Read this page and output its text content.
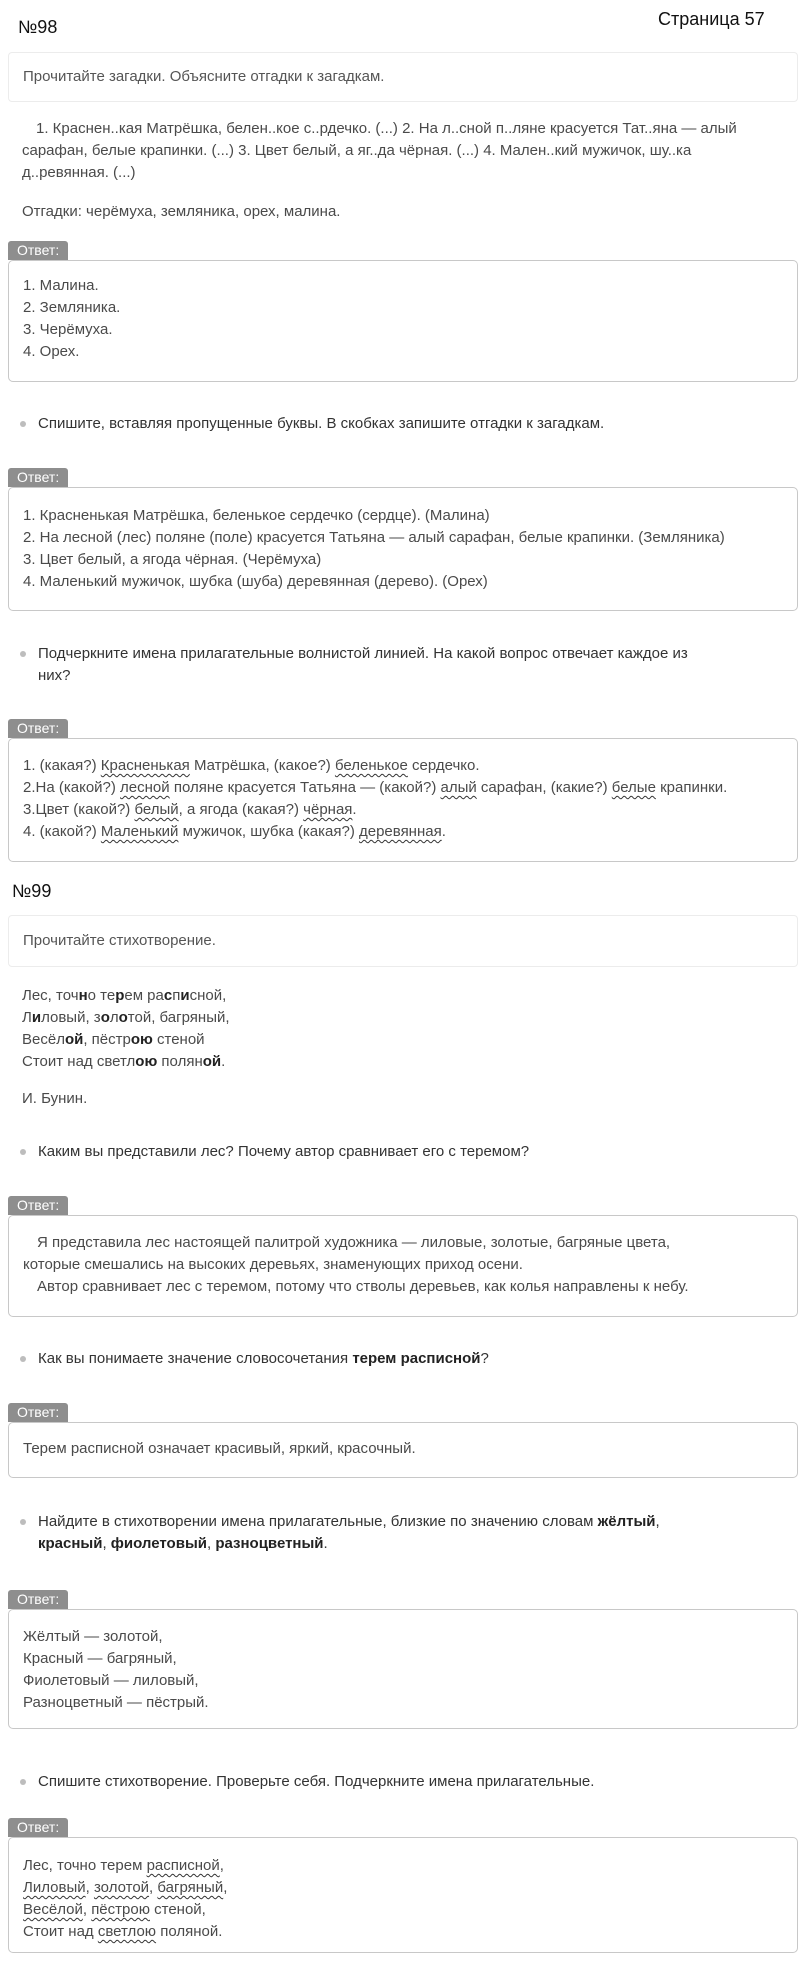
№98	Страница 57
Прочитайте загадки. Объясните отгадки к загадкам.
1. Краснен..кая Матрёшка, белен..кое с..рдечко. (...) 2. На л..сной п..ляне красуется Тат..яна — алый
сарафан, белые крапинки. (...) 3. Цвет белый, а яг..да чёрная. (...) 4. Мален..кий мужичок, шу..ка
д..ревянная. (...)
Отгадки: черёмуха, земляника, орех, малина.
Ответ:
1. Малина.
2. Земляника.
3. Черёмуха.
4. Орех.
Спишите, вставляя пропущенные буквы. В скобках запишите отгадки к загадкам.
Ответ:
1. Красненькая Матрёшка, беленькое сердечко (сердце). (Малина)
2. На лесной (лес) поляне (поле) красуется Татьяна — алый сарафан, белые крапинки. (Земляника)
3. Цвет белый, а ягода чёрная. (Черёмуха)
4. Маленький мужичок, шубка (шуба) деревянная (дерево). (Орех)
Подчеркните имена прилагательные волнистой линией. На какой вопрос отвечает каждое из
них?
Ответ:
1. (какая?) Красненькая Матрёшка, (какое?) беленькое сердечко.
2.На (какой?) лесной поляне красуется Татьяна — (какой?) алый сарафан, (какие?) белые крапинки.
3.Цвет (какой?) белый, а ягода (какая?) чёрная.
4. (какой?) Маленький мужичок, шубка (какая?) деревянная.
№99
Прочитайте стихотворение.
Лес, точно терем расписной,
Лиловый, золотой, багряный,
Весёлой, пёстрою стеной
Стоит над светлою поляной.
И. Бунин.
Каким вы представили лес? Почему автор сравнивает его с теремом?
Ответ:
Я представила лес настоящей палитрой художника — лиловые, золотые, багряные цвета,
которые смешались на высоких деревьях, знаменующих приход осени.
Автор сравнивает лес с теремом, потому что стволы деревьев, как колья направлены к небу.
Как вы понимаете значение словосочетания терем расписной?
Ответ:
Терем расписной означает красивый, яркий, красочный.
Найдите в стихотворении имена прилагательные, близкие по значению словам жёлтый,
красный, фиолетовый, разноцветный.
Ответ:
Жёлтый — золотой,
Красный — багряный,
Фиолетовый — лиловый,
Разноцветный — пёстрый.
Спишите стихотворение. Проверьте себя. Подчеркните имена прилагательные.
Ответ:
Лес, точно терем расписной,
Лиловый, золотой, багряный,
Весёлой, пёстрою стеной,
Стоит над светлою поляной.
